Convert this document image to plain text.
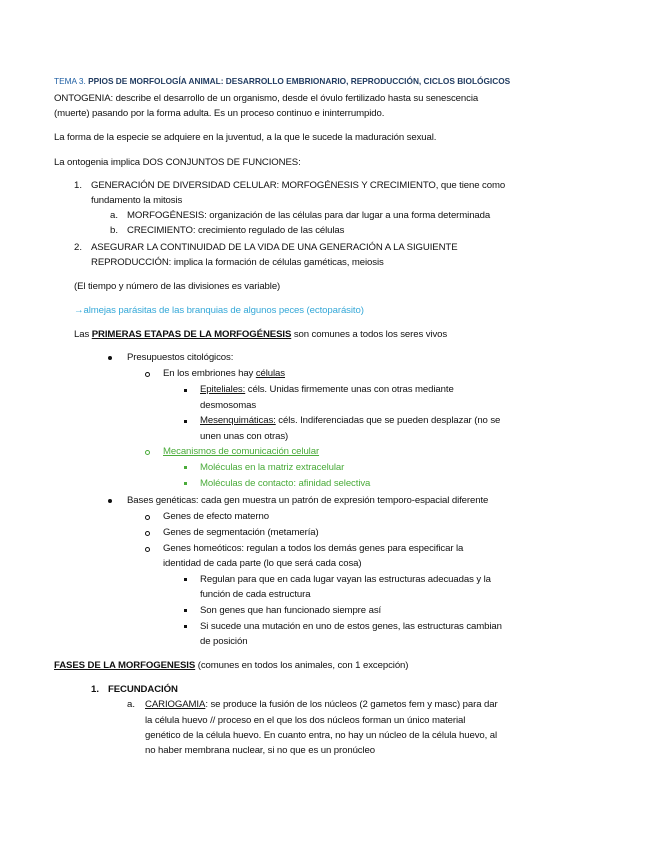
TEMA 3. PPIOS DE MORFOLOGÍA ANIMAL: DESARROLLO EMBRIONARIO, REPRODUCCIÓN, CICLOS BIOLÓGICOS
ONTOGENIA: describe el desarrollo de un organismo, desde el óvulo fertilizado hasta su senescencia
(muerte) pasando por la forma adulta. Es un proceso continuo e ininterrumpido.
La forma de la especie se adquiere en la juventud, a la que le sucede la maduración sexual.
La ontogenia implica DOS CONJUNTOS DE FUNCIONES:
1. GENERACIÓN DE DIVERSIDAD CELULAR: MORFOGÉNESIS Y CRECIMIENTO, que tiene como
fundamento la mitosis
a. MORFOGÉNESIS: organización de las células para dar lugar a una forma determinada
b. CRECIMIENTO: crecimiento regulado de las células
2. ASEGURAR LA CONTINUIDAD DE LA VIDA DE UNA GENERACIÓN A LA SIGUIENTE
REPRODUCCIÓN: implica la formación de células gaméticas, meiosis
(El tiempo y número de las divisiones es variable)
→almejas parásitas de las branquias de algunos peces (ectoparásito)
Las PRIMERAS ETAPAS DE LA MORFOGÉNESIS son comunes a todos los seres vivos
Presupuestos citológicos:
En los embriones hay células
Epiteliales: céls. Unidas firmemente unas con otras mediante
desmosomas
Mesenquimáticas: céls. Indiferenciadas que se pueden desplazar (no se
unen unas con otras)
Mecanismos de comunicación celular
Moléculas en la matriz extracelular
Moléculas de contacto: afinidad selectiva
Bases genéticas: cada gen muestra un patrón de expresión temporo-espacial diferente
Genes de efecto materno
Genes de segmentación (metamería)
Genes homeóticos: regulan a todos los demás genes para especificar la
identidad de cada parte (lo que será cada cosa)
Regulan para que en cada lugar vayan las estructuras adecuadas y la
función de cada estructura
Son genes que han funcionado siempre así
Si sucede una mutación en uno de estos genes, las estructuras cambian
de posición
FASES DE LA MORFOGENESIS (comunes en todos los animales, con 1 excepción)
1. FECUNDACIÓN
a. CARIOGAMIA: se produce la fusión de los núcleos (2 gametos fem y masc) para dar
la célula huevo // proceso en el que los dos núcleos forman un único material
genético de la célula huevo. En cuanto entra, no hay un núcleo de la célula huevo, al
no haber membrana nuclear, si no que es un pronúcleo
